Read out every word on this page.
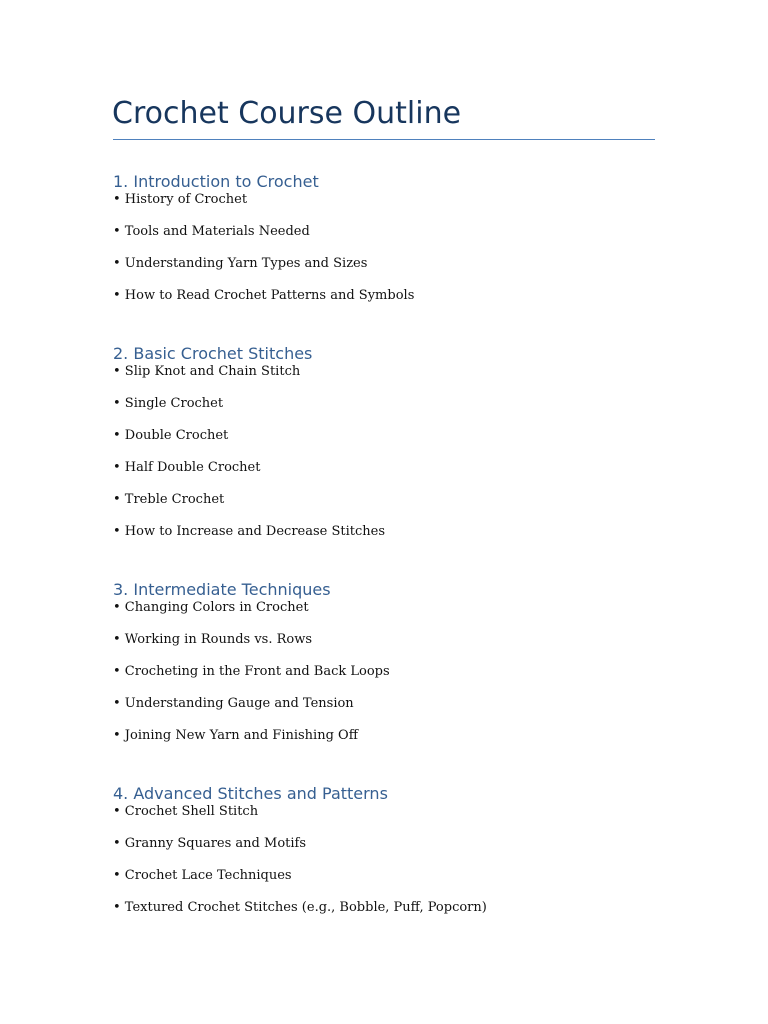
Crochet Course Outline
1. Introduction to Crochet
• History of Crochet
• Tools and Materials Needed
• Understanding Yarn Types and Sizes
• How to Read Crochet Patterns and Symbols
2. Basic Crochet Stitches
• Slip Knot and Chain Stitch
• Single Crochet
• Double Crochet
• Half Double Crochet
• Treble Crochet
• How to Increase and Decrease Stitches
3. Intermediate Techniques
• Changing Colors in Crochet
• Working in Rounds vs. Rows
• Crocheting in the Front and Back Loops
• Understanding Gauge and Tension
• Joining New Yarn and Finishing Off
4. Advanced Stitches and Patterns
• Crochet Shell Stitch
• Granny Squares and Motifs
• Crochet Lace Techniques
• Textured Crochet Stitches (e.g., Bobble, Puff, Popcorn)
